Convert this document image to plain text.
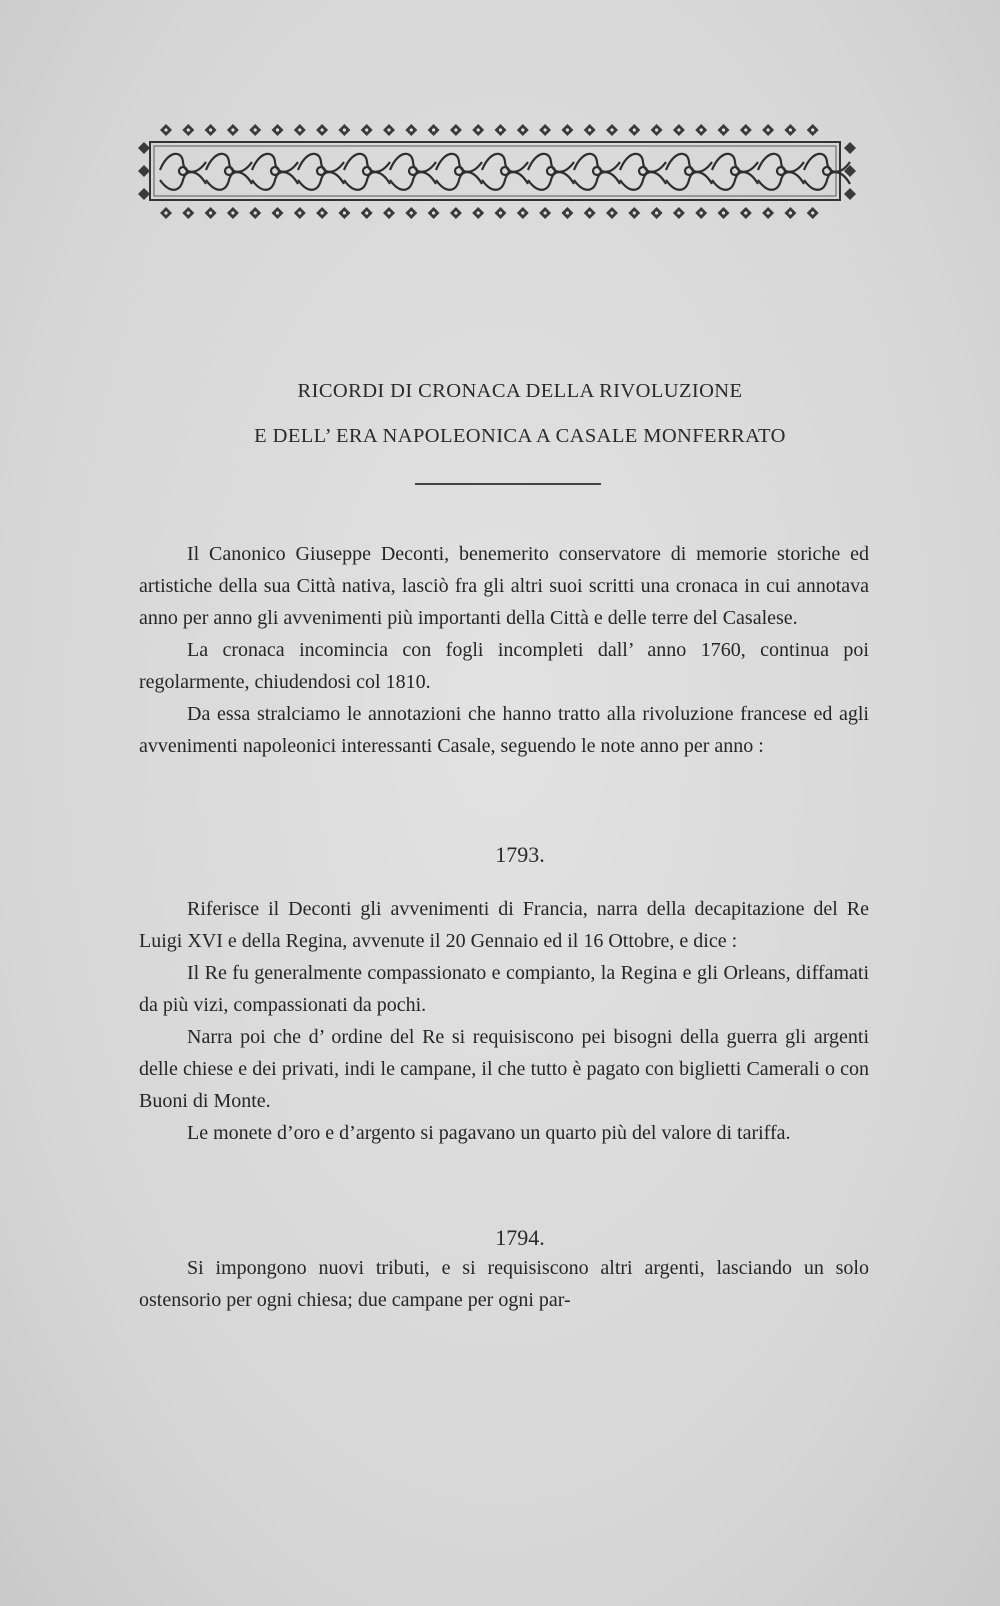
RICORDI DI CRONACA DELLA RIVOLUZIONE
E DELL’ ERA NAPOLEONICA A CASALE MONFERRATO

Il Canonico Giuseppe Deconti, benemerito conservatore di memorie storiche ed artistiche della sua Città nativa, lasciò fra gli altri suoi scritti una cronaca in cui annotava anno per anno gli avvenimenti più importanti della Città e delle terre del Casalese.

La cronaca incomincia con fogli incompleti dall’ anno 1760, continua poi regolarmente, chiudendosi col 1810.

Da essa stralciamo le annotazioni che hanno tratto alla rivoluzione francese ed agli avvenimenti napoleonici interessanti Casale, seguendo le note anno per anno :

1793.

Riferisce il Deconti gli avvenimenti di Francia, narra della decapitazione del Re Luigi XVI e della Regina, avvenute il 20 Gennaio ed il 16 Ottobre, e dice :

Il Re fu generalmente compassionato e compianto, la Regina e gli Orleans, diffamati da più vizi, compassionati da pochi.

Narra poi che d’ ordine del Re si requisiscono pei bisogni della guerra gli argenti delle chiese e dei privati, indi le campane, il che tutto è pagato con biglietti Camerali o con Buoni di Monte.

Le monete d’oro e d’argento si pagavano un quarto più del valore di tariffa.

1794.

Si impongono nuovi tributi, e si requisiscono altri argenti, lasciando un solo ostensorio per ogni chiesa; due campane per ogni par-
